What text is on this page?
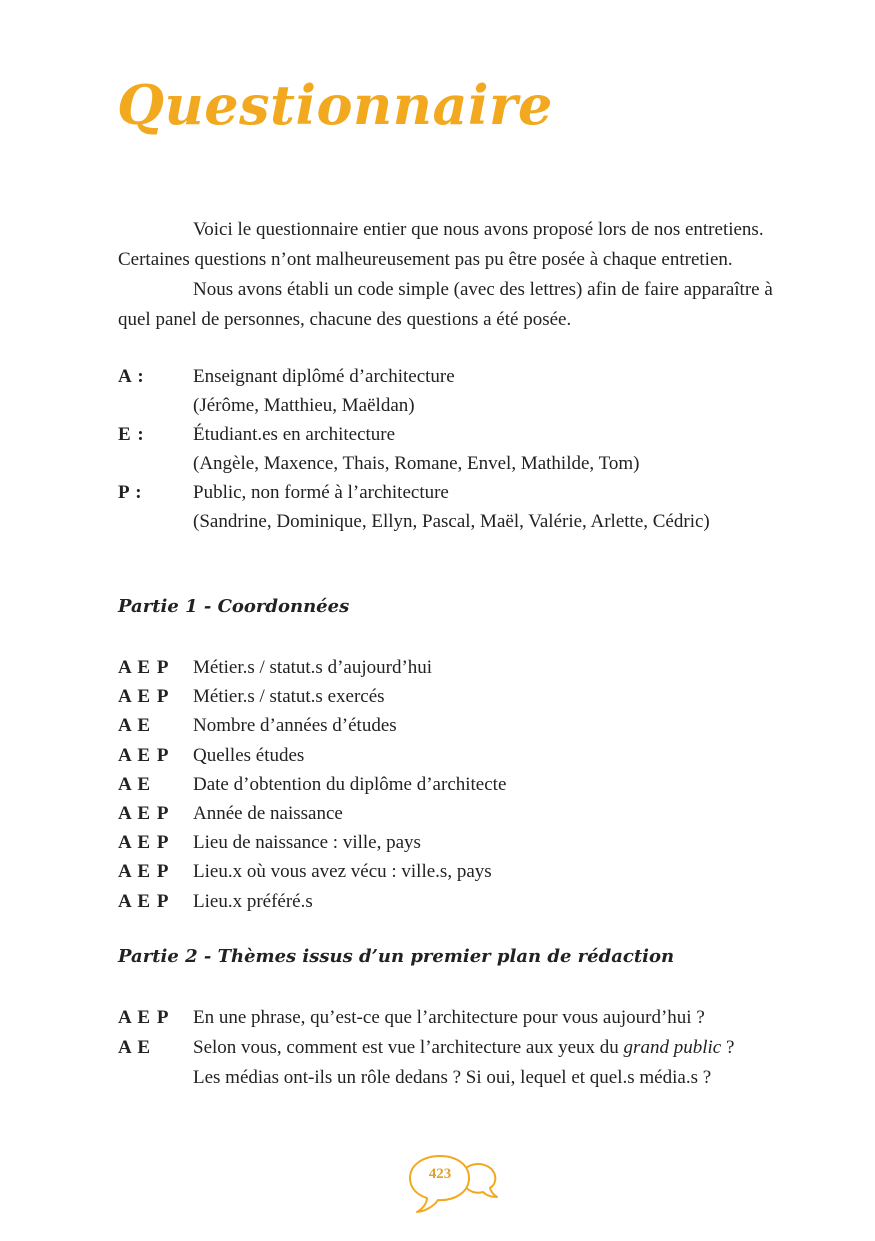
Questionnaire

Voici le questionnaire entier que nous avons proposé lors de nos entretiens. Certaines questions n’ont malheureusement pas pu être posée à chaque entretien.

Nous avons établi un code simple (avec des lettres) afin de faire apparaître à quel panel de personnes, chacune des questions a été posée.

A :	Enseignant diplômé d’architecture
(Jérôme, Matthieu, Maëldan)
E :	Étudiant.es en architecture
(Angèle, Maxence, Thais, Romane, Envel, Mathilde, Tom)
P :	Public, non formé à l’architecture
(Sandrine, Dominique, Ellyn, Pascal, Maël, Valérie, Arlette, Cédric)
Partie 1 - Coordonnées
A E P Métier.s / statut.s d’aujourd’hui
A E P Métier.s / statut.s exercés
A E Nombre d’années d’études
A E P Quelles études
A E Date d’obtention du diplôme d’architecte
A E P Année de naissance
A E P Lieu de naissance : ville, pays
A E P Lieu.x où vous avez vécu : ville.s, pays
A E P Lieu.x préféré.s
Partie 2 - Thèmes issus d’un premier plan de rédaction
A E P En une phrase, qu’est-ce que l’architecture pour vous aujourd’hui ?
A E Selon vous, comment est vue l’architecture aux yeux du grand public ?
Les médias ont-ils un rôle dedans ? Si oui, lequel et quel.s média.s ?
423
